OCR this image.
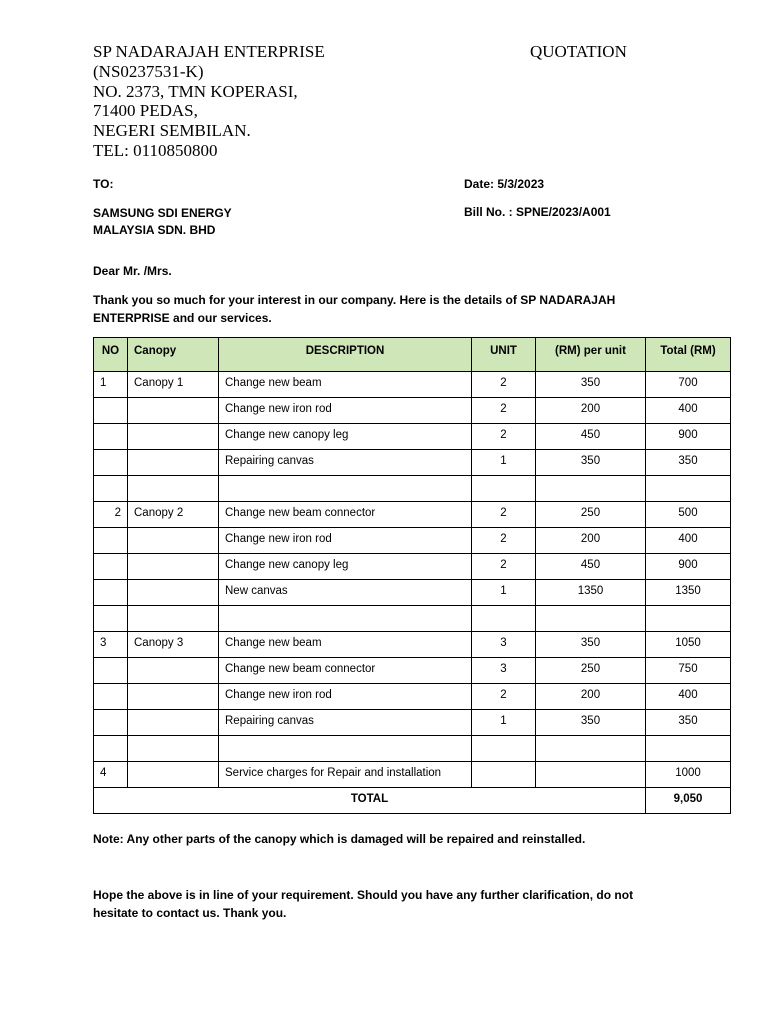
SP NADARAJAH ENTERPRISE
(NS0237531-K)
NO. 2373, TMN KOPERASI,
71400 PEDAS,
NEGERI SEMBILAN.
TEL: 0110850800
QUOTATION
TO:	Date: 5/3/2023
SAMSUNG SDI ENERGY
MALAYSIA SDN. BHD
Bill No. : SPNE/2023/A001
Dear Mr. /Mrs.
Thank you so much for your interest in our company. Here is the details of SP NADARAJAH ENTERPRISE and our services.
NO	Canopy	DESCRIPTION	UNIT	(RM) per unit	Total (RM)
1	Canopy 1	Change new beam	2	350	700
		Change new iron rod	2	200	400
		Change new canopy leg	2	450	900
		Repairing canvas	1	350	350

2	Canopy 2	Change new beam connector	2	250	500
		Change new iron rod	2	200	400
		Change new canopy leg	2	450	900
		New canvas	1	1350	1350

3	Canopy 3	Change new beam	3	350	1050
		Change new beam connector	3	250	750
		Change new iron rod	2	200	400
		Repairing canvas	1	350	350

4		Service charges for Repair and installation			1000
TOTAL					9,050
Note: Any other parts of the canopy which is damaged will be repaired and reinstalled.
Hope the above is in line of your requirement. Should you have any further clarification, do not hesitate to contact us. Thank you.
